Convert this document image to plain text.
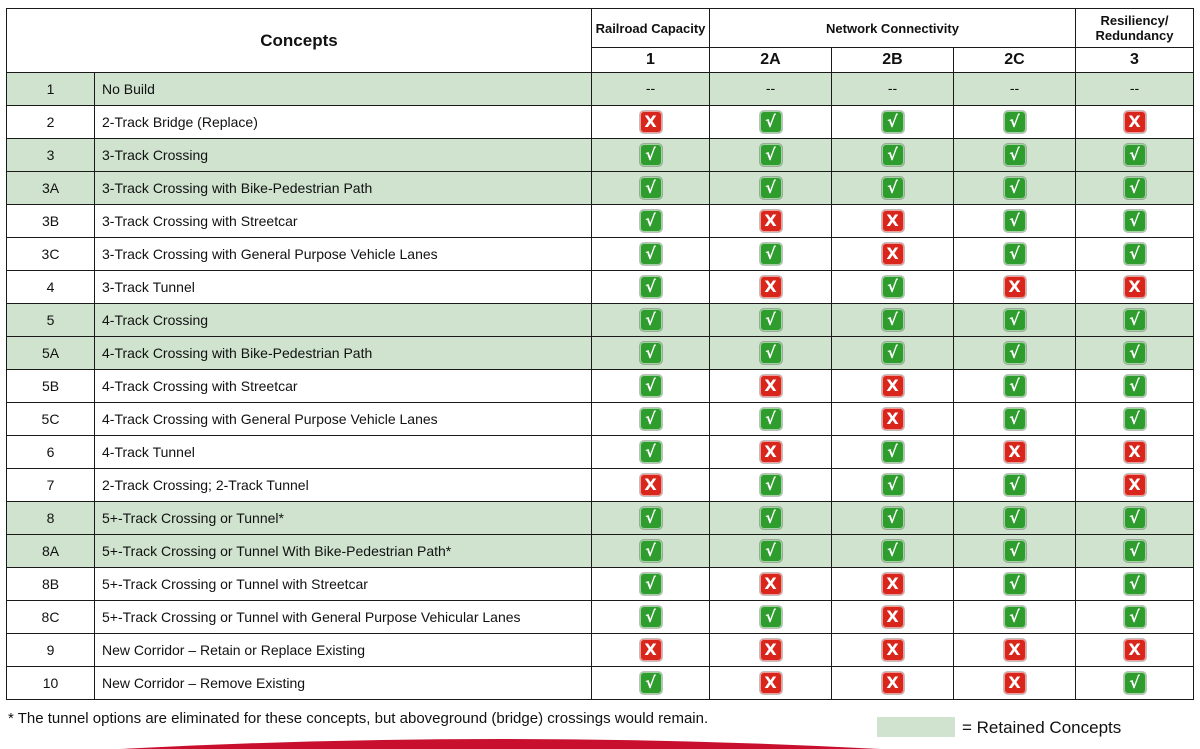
Concepts		Railroad Capacity	Network Connectivity			Resiliency/ Redundancy
		1	2A	2B	2C	3
1	No Build	--	--	--	--	--
2	2-Track Bridge (Replace)	X	√	√	√	X
3	3-Track Crossing	√	√	√	√	√
3A	3-Track Crossing with Bike-Pedestrian Path	√	√	√	√	√
3B	3-Track Crossing with Streetcar	√	X	X	√	√
3C	3-Track Crossing with General Purpose Vehicle Lanes	√	√	X	√	√
4	3-Track Tunnel	√	X	√	X	X
5	4-Track Crossing	√	√	√	√	√
5A	4-Track Crossing with Bike-Pedestrian Path	√	√	√	√	√
5B	4-Track Crossing with Streetcar	√	X	X	√	√
5C	4-Track Crossing with General Purpose Vehicle Lanes	√	√	X	√	√
6	4-Track Tunnel	√	X	√	X	X
7	2-Track Crossing; 2-Track Tunnel	X	√	√	√	X
8	5+-Track Crossing or Tunnel*	√	√	√	√	√
8A	5+-Track Crossing or Tunnel With Bike-Pedestrian Path*	√	√	√	√	√
8B	5+-Track Crossing or Tunnel with Streetcar	√	X	X	√	√
8C	5+-Track Crossing or Tunnel with General Purpose Vehicular Lanes	√	√	X	√	√
9	New Corridor – Retain or Replace Existing	X	X	X	X	X
10	New Corridor – Remove Existing	√	X	X	X	√
* The tunnel options are eliminated for these concepts, but aboveground (bridge) crossings would remain.	= Retained Concepts
